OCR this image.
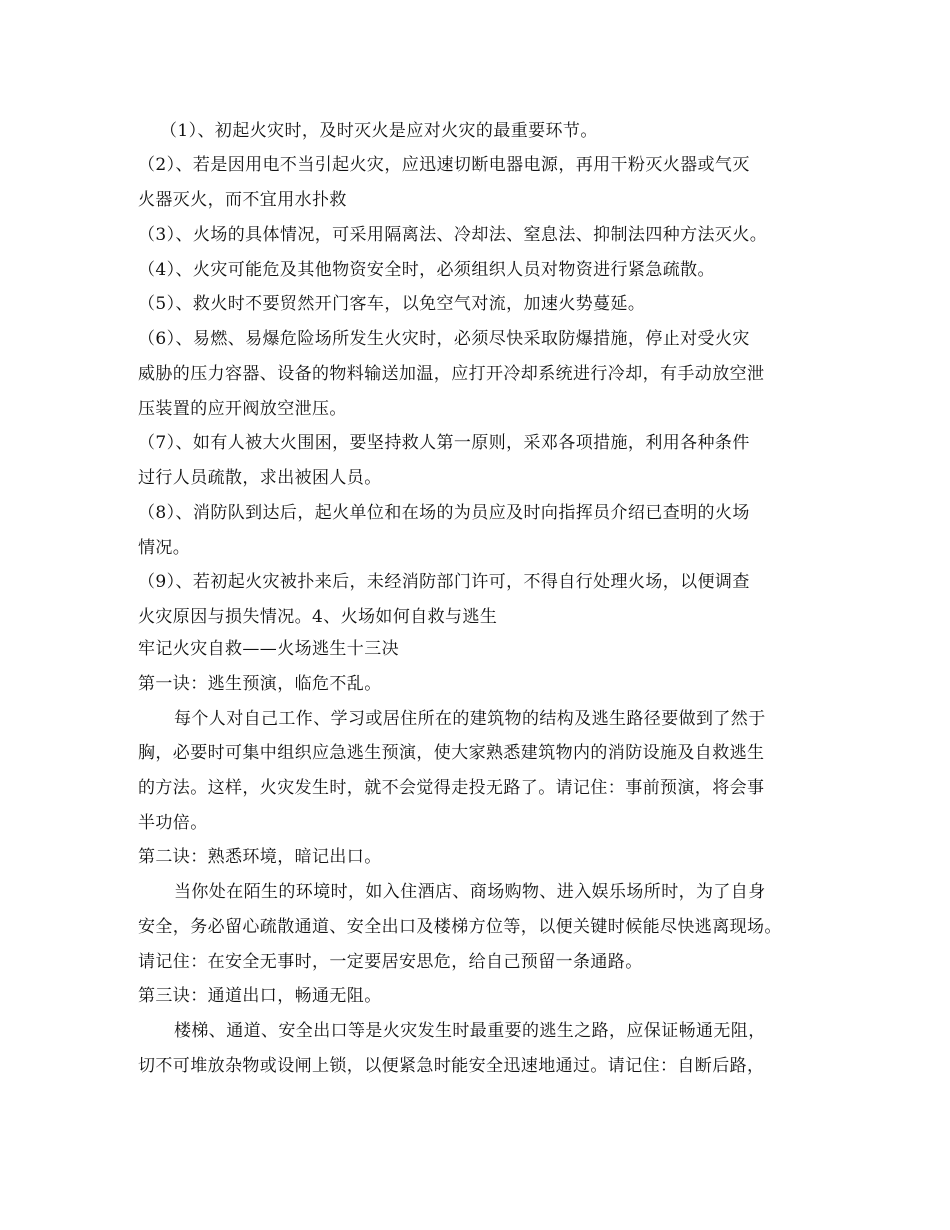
（1）、初起火灾时，及时灭火是应对火灾的最重要环节。
（2）、若是因用电不当引起火灾，应迅速切断电器电源，再用干粉灭火器或气灭
火器灭火，而不宜用水扑救
（3）、火场的具体情况，可采用隔离法、冷却法、窒息法、抑制法四种方法灭火。
（4）、火灾可能危及其他物资安全时，必须组织人员对物资进行紧急疏散。
（5）、救火时不要贸然开门客车，以免空气对流，加速火势蔓延。
（6）、易燃、易爆危险场所发生火灾时，必须尽快采取防爆措施，停止对受火灾
威胁的压力容器、设备的物料输送加温，应打开冷却系统进行冷却，有手动放空泄
压装置的应开阀放空泄压。
（7）、如有人被大火围困，要坚持救人第一原则，采邓各项措施，利用各种条件
过行人员疏散，求出被困人员。
（8）、消防队到达后，起火单位和在场的为员应及时向指挥员介绍已查明的火场
情况。
（9）、若初起火灾被扑来后，未经消防部门许可，不得自行处理火场，以便调查
火灾原因与损失情况。4、火场如何自救与逃生
牢记火灾自救——火场逃生十三决
第一诀：逃生预演，临危不乱。
每个人对自己工作、学习或居住所在的建筑物的结构及逃生路径要做到了然于
胸，必要时可集中组织应急逃生预演，使大家熟悉建筑物内的消防设施及自救逃生
的方法。这样，火灾发生时，就不会觉得走投无路了。请记住：事前预演，将会事
半功倍。
第二诀：熟悉环境，暗记出口。
当你处在陌生的环境时，如入住酒店、商场购物、进入娱乐场所时，为了自身
安全，务必留心疏散通道、安全出口及楼梯方位等，以便关键时候能尽快逃离现场。
请记住：在安全无事时，一定要居安思危，给自己预留一条通路。
第三诀：通道出口，畅通无阻。
楼梯、通道、安全出口等是火灾发生时最重要的逃生之路，应保证畅通无阻，
切不可堆放杂物或设闸上锁，以便紧急时能安全迅速地通过。请记住：自断后路，
